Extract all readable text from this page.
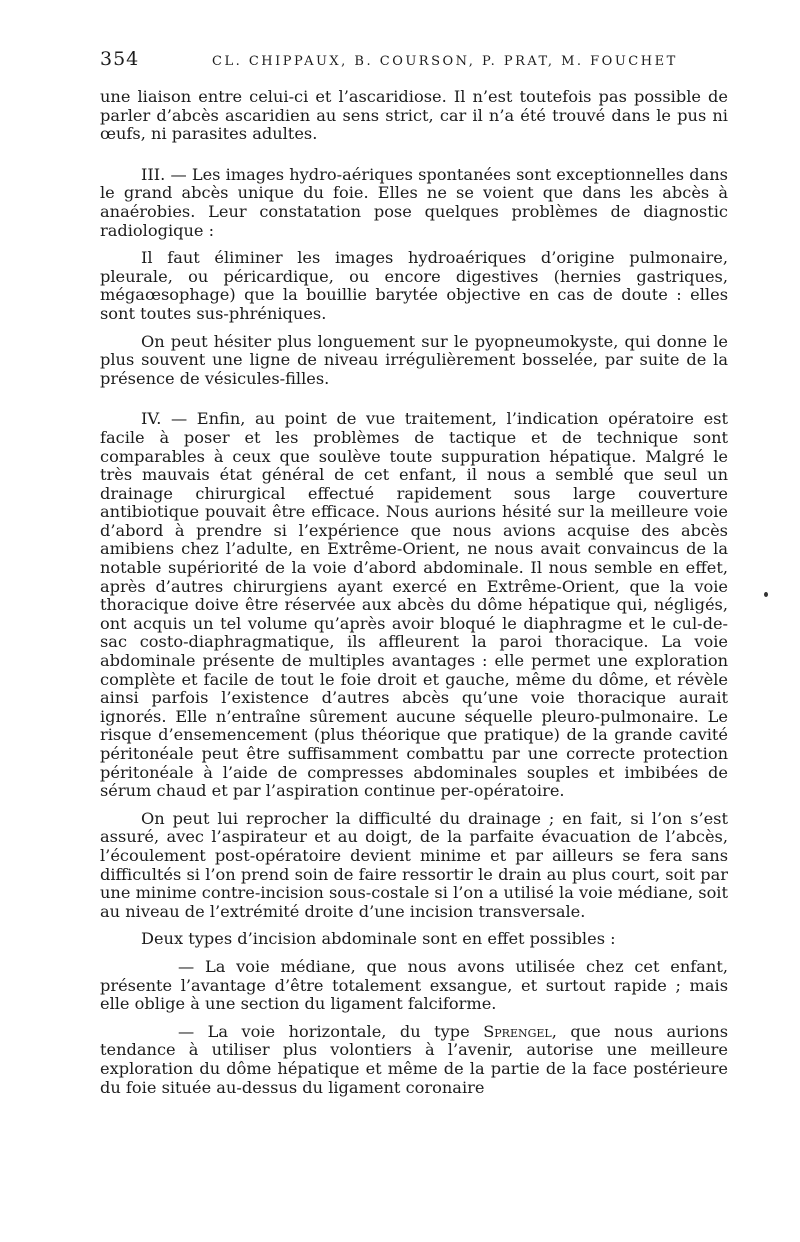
354	CL. CHIPPAUX, B. COURSON, P. PRAT, M. FOUCHET

une liaison entre celui-ci et l’ascaridiose. Il n’est toutefois pas possible de parler d’abcès ascaridien au sens strict, car il n’a été trouvé dans le pus ni œufs, ni parasites adultes.

III. — Les images hydro-aériques spontanées sont exceptionnelles dans le grand abcès unique du foie. Elles ne se voient que dans les abcès à anaérobies. Leur constatation pose quelques problèmes de diagnostic radiologique :

Il faut éliminer les images hydroaériques d’origine pulmonaire, pleurale, ou péricardique, ou encore digestives (hernies gastriques, mégaœsophage) que la bouillie barytée objective en cas de doute : elles sont toutes sus-phréniques.

On peut hésiter plus longuement sur le pyopneumokyste, qui donne le plus souvent une ligne de niveau irrégulièrement bosselée, par suite de la présence de vésicules-filles.

IV. — Enfin, au point de vue traitement, l’indication opératoire est facile à poser et les problèmes de tactique et de technique sont comparables à ceux que soulève toute suppuration hépatique. Malgré le très mauvais état général de cet enfant, il nous a semblé que seul un drainage chirurgical effectué rapidement sous large couverture antibiotique pouvait être efficace. Nous aurions hésité sur la meilleure voie d’abord à prendre si l’expérience que nous avions acquise des abcès amibiens chez l’adulte, en Extrême-Orient, ne nous avait convaincus de la notable supériorité de la voie d’abord abdominale. Il nous semble en effet, après d’autres chirurgiens ayant exercé en Extrême-Orient, que la voie thoracique doive être réservée aux abcès du dôme hépatique qui, négligés, ont acquis un tel volume qu’après avoir bloqué le diaphragme et le cul-de-sac costo-diaphragmatique, ils affleurent la paroi thoracique. La voie abdominale présente de multiples avantages : elle permet une exploration complète et facile de tout le foie droit et gauche, même du dôme, et révèle ainsi parfois l’existence d’autres abcès qu’une voie thoracique aurait ignorés. Elle n’entraîne sûrement aucune séquelle pleuro-pulmonaire. Le risque d’ensemencement (plus théorique que pratique) de la grande cavité péritonéale peut être suffisamment combattu par une correcte protection péritonéale à l’aide de compresses abdominales souples et imbibées de sérum chaud et par l’aspiration continue per-opératoire.

On peut lui reprocher la difficulté du drainage ; en fait, si l’on s’est assuré, avec l’aspirateur et au doigt, de la parfaite évacuation de l’abcès, l’écoulement post-opératoire devient minime et par ailleurs se fera sans difficultés si l’on prend soin de faire ressortir le drain au plus court, soit par une minime contre-incision sous-costale si l’on a utilisé la voie médiane, soit au niveau de l’extrémité droite d’une incision transversale.

Deux types d’incision abdominale sont en effet possibles :

— La voie médiane, que nous avons utilisée chez cet enfant, présente l’avantage d’être totalement exsangue, et surtout rapide ; mais elle oblige à une section du ligament falciforme.

— La voie horizontale, du type Sprengel, que nous aurions tendance à utiliser plus volontiers à l’avenir, autorise une meilleure exploration du dôme hépatique et même de la partie de la face postérieure du foie située au-dessus du ligament coronaire
